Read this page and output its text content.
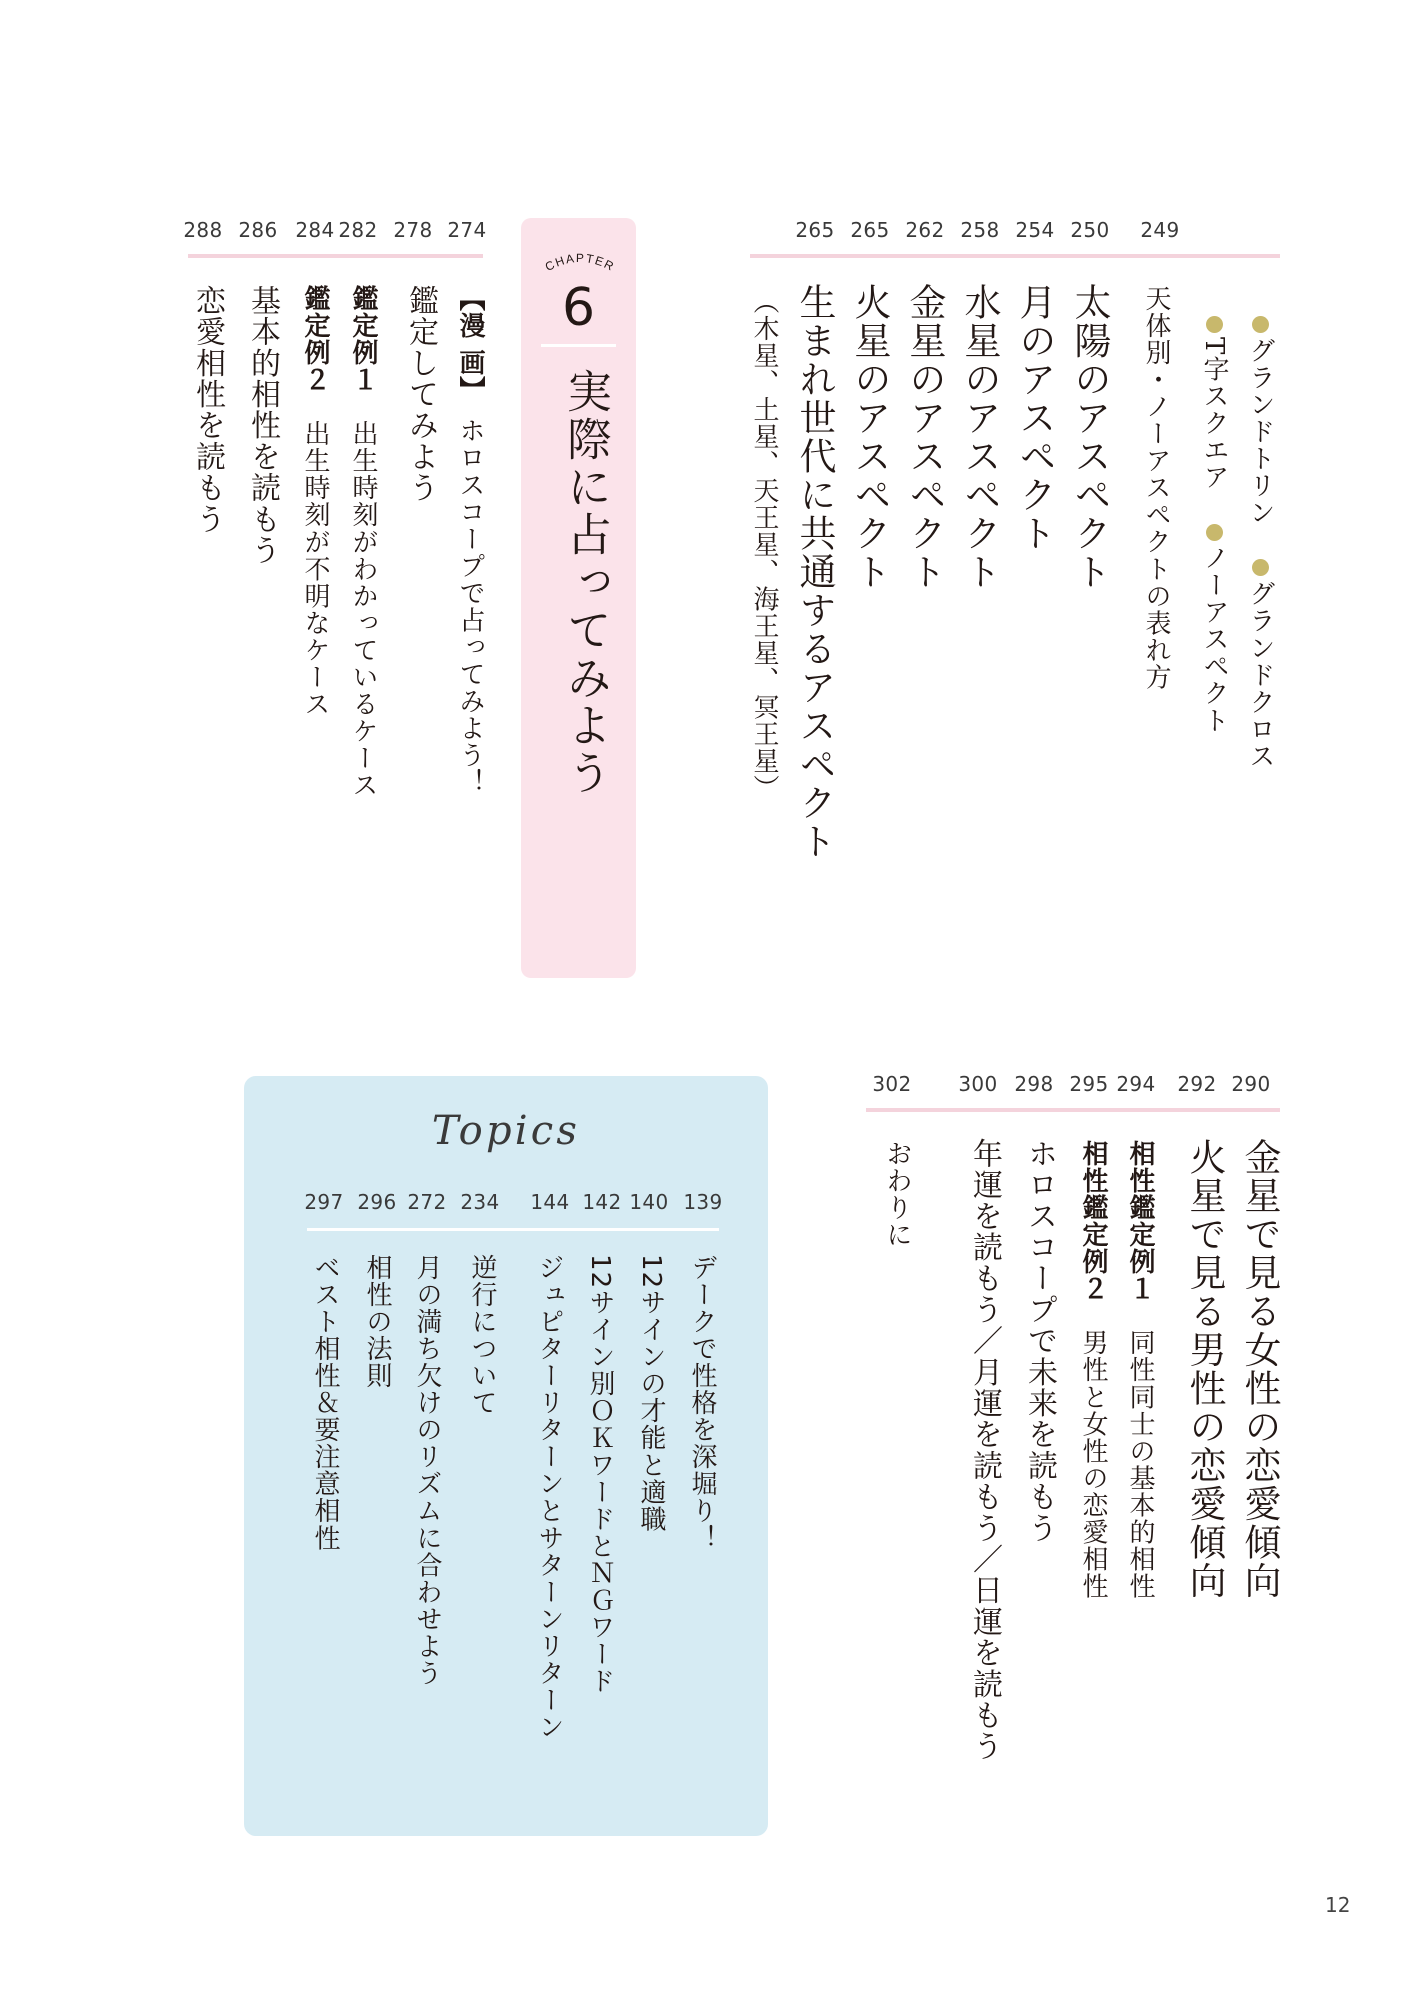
249
250
254
258
262
265
265
グランドトリン　グランドクロス
T字スクエア　ノーアスペクト
天体別・ノーアスペクトの表れ方
太陽のアスペクト
月のアスペクト
水星のアスペクト
金星のアスペクト
火星のアスペクト
生まれ世代に共通するアスペクト
（木星、土星、天王星、海王星、冥王星）
CHAPTER
6
実際に占ってみよう
274
278
282
284
286
288
【漫 画】　ホロスコープで占ってみよう！
鑑定してみよう
鑑定例１　出生時刻がわかっているケース
鑑定例２　出生時刻が不明なケース
基本的相性を読もう
恋愛相性を読もう
290
292
294
295
298
300
302
金星で見る女性の恋愛傾向
火星で見る男性の恋愛傾向
相性鑑定例１　同性同士の基本的相性
相性鑑定例２　男性と女性の恋愛相性
ホロスコープで未来を読もう
年運を読もう／月運を読もう／日運を読もう
おわりに
Topics
139
140
142
144
234
272
296
297
デークで性格を深堀り！
12サインの才能と適職
12サイン別ＯＫワードとＮＧワード
ジュピターリターンとサターンリターン
逆行について
月の満ち欠けのリズムに合わせよう
相性の法則
ベスト相性＆要注意相性
12
